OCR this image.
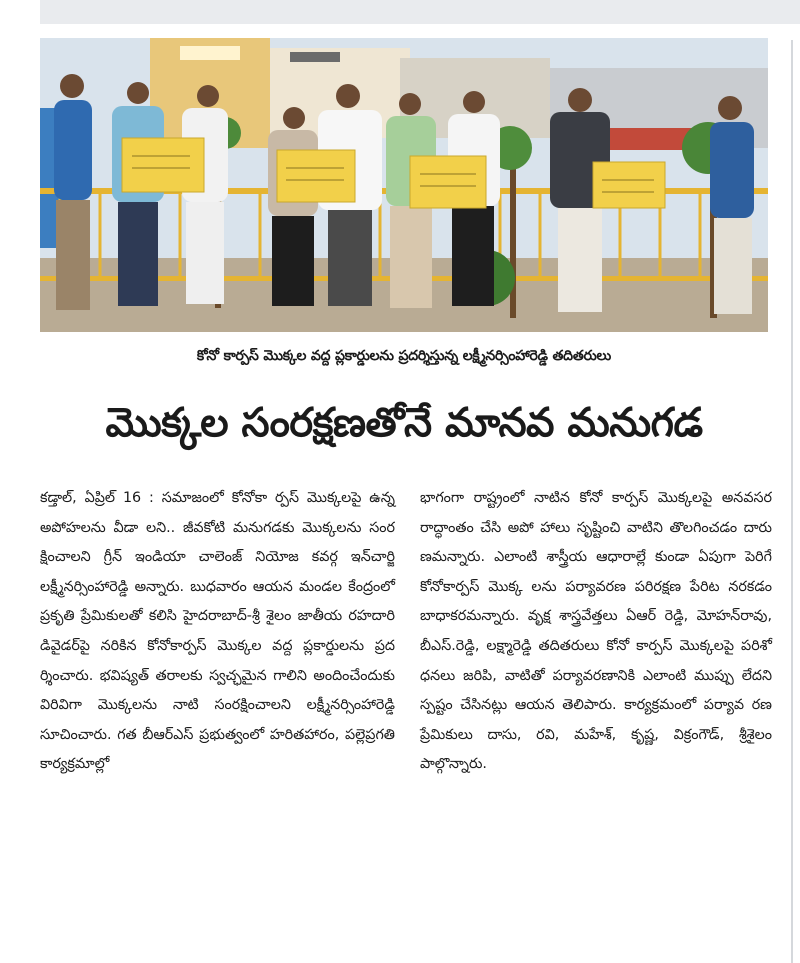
కోనో కార్పస్ మొక్కల వద్ద ప్లకార్డులను ప్రదర్శిస్తున్న లక్ష్మీనర్సింహారెడ్డి తదితరులు
మొక్కల సంరక్షణతోనే మానవ మనుగడ

కడ్తాల్, ఏప్రిల్ 16 : సమాజంలో కోనోకా ర్పస్ మొక్కలపై ఉన్న అపోహలను వీడా లని.. జీవకోటి మనుగడకు మొక్కలను సంర క్షించాలని గ్రీన్ ఇండియా చాలెంజ్ నియోజ కవర్గ ఇన్‌చార్జి లక్ష్మీనర్సింహారెడ్డి అన్నారు. బుధవారం ఆయన మండల కేంద్రంలో ప్రకృతి ప్రేమికులతో కలిసి హైదరాబాద్-శ్రీ శైలం జాతీయ రహదారి డివైడర్‌పై నరికిన కోనోకార్పస్ మొక్కల వద్ద ప్లకార్డులను ప్రద ర్శించారు. భవిష్యత్ తరాలకు స్వచ్ఛమైన గాలిని అందించేందుకు విరివిగా మొక్కలను నాటి సంరక్షించాలని లక్ష్మీనర్సింహారెడ్డి సూచించారు. గత బీఆర్‌ఎస్ ప్రభుత్వంలో హరితహారం, పల్లెప్రగతి కార్యక్రమాల్లో

భాగంగా రాష్ట్రంలో నాటిన కోనో కార్పస్ మొక్కలపై అనవసర రాద్ధాంతం చేసి అపో హాలు సృష్టించి వాటిని తొలగించడం దారు ణమన్నారు. ఎలాంటి శాస్త్రీయ ఆధారాల్లే కుండా ఏపుగా పెరిగే కోనోకార్పస్ మొక్క లను పర్యావరణ పరిరక్షణ పేరిట నరకడం బాధాకరమన్నారు. వృక్ష శాస్త్రవేత్తలు ఏఆర్ రెడ్డి, మోహన్‌రావు, బీఎస్.రెడ్డి, లక్ష్మారెడ్డి తదితరులు కోనో కార్పస్ మొక్కలపై పరిశో ధనలు జరిపి, వాటితో పర్యావరణానికి ఎలాంటి ముప్పు లేదని స్పష్టం చేసినట్లు ఆయన తెలిపారు. కార్యక్రమంలో పర్యావ రణ ప్రేమికులు దాసు, రవి, మహేశ్, కృష్ణ, విక్రంగౌడ్, శ్రీశైలం పాల్గొన్నారు.
